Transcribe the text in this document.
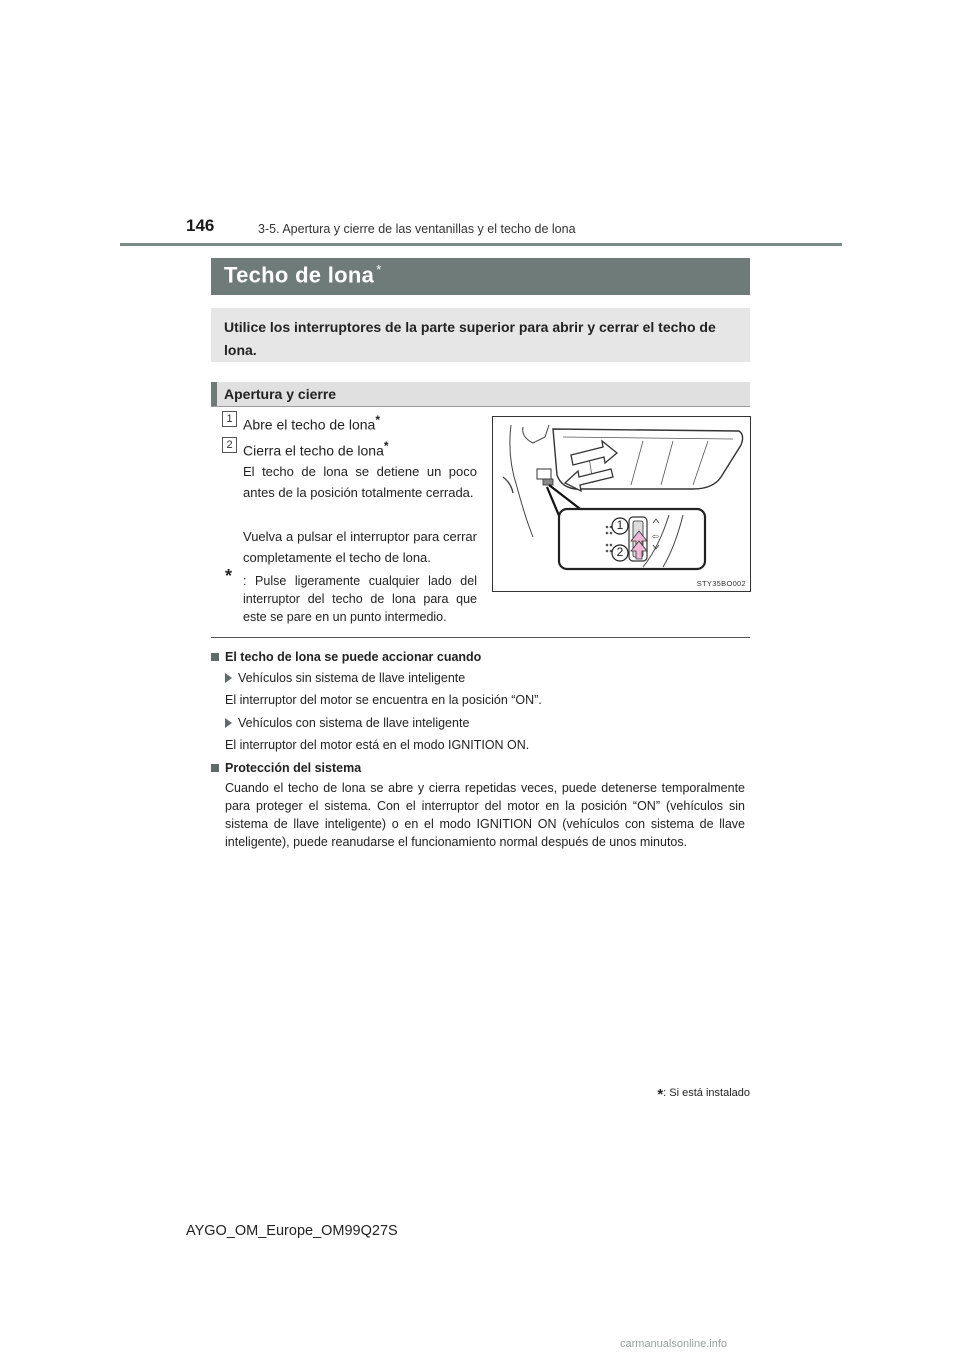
146	3-5. Apertura y cierre de las ventanillas y el techo de lona
Techo de lona *
Utilice los interruptores de la parte superior para abrir y cerrar el techo de lona.
Apertura y cierre
1 Abre el techo de lona*
2 Cierra el techo de lona*
El techo de lona se detiene un poco antes de la posición totalmente cerrada.
Vuelva a pulsar el interruptor para cerrar completamente el techo de lona.
* : Pulse ligeramente cualquier lado del interruptor del techo de lona para que este se pare en un punto intermedio.
⇦
1
2
STY35BO002
El techo de lona se puede accionar cuando
Vehículos sin sistema de llave inteligente
El interruptor del motor se encuentra en la posición “ON”.
Vehículos con sistema de llave inteligente
El interruptor del motor está en el modo IGNITION ON.
Protección del sistema
Cuando el techo de lona se abre y cierra repetidas veces, puede detenerse temporalmente para proteger el sistema. Con el interruptor del motor en la posición “ON” (vehículos sin sistema de llave inteligente) o en el modo IGNITION ON (vehículos con sistema de llave inteligente), puede reanudarse el funcionamiento normal después de unos minutos.
*: Si está instalado
AYGO_OM_Europe_OM99Q27S
carmanualsonline.info
